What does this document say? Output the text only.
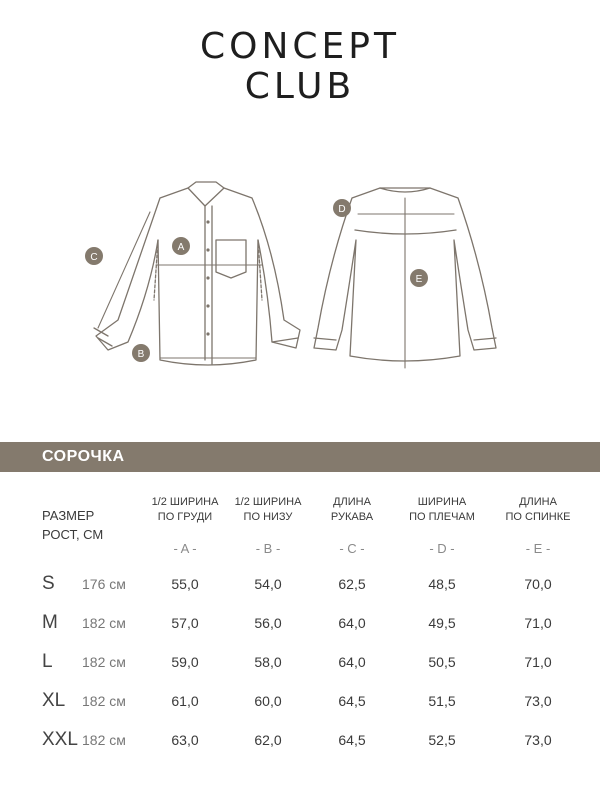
CONCEPT
CLUB
A
B
C
D
E
СОРОЧКА
РАЗМЕР
РОСТ, СМ
1/2 ШИРИНА
ПО ГРУДИ
1/2 ШИРИНА
ПО НИЗУ
ДЛИНА
РУКАВА
ШИРИНА
ПО ПЛЕЧАМ
ДЛИНА
ПО СПИНКЕ
- A -	- B -	- C -	- D -	- E -
S 176 см	55,0	54,0	62,5	48,5	70,0
M 182 см	57,0	56,0	64,0	49,5	71,0
L 182 см	59,0	58,0	64,0	50,5	71,0
XL 182 см	61,0	60,0	64,5	51,5	73,0
XXL 182 см	63,0	62,0	64,5	52,5	73,0
